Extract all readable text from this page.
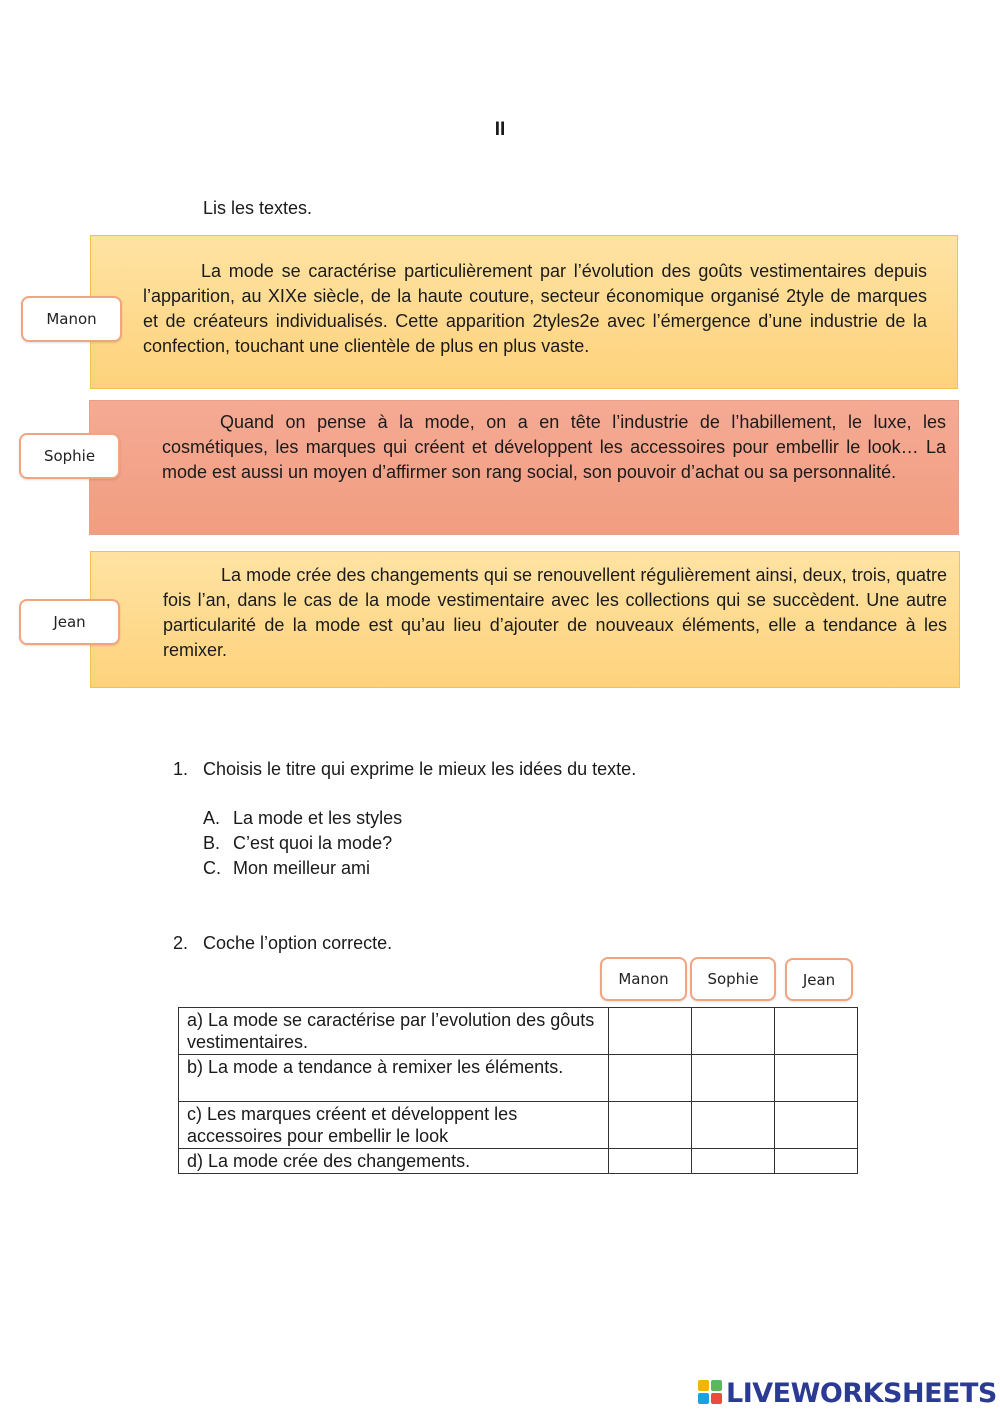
II
Lis les textes.

La mode se caractérise particulièrement par l’évolution des goûts vestimentaires depuis l’apparition, au XIXe siècle, de la haute couture, secteur économique organisé 2tyle de marques et de créateurs individualisés. Cette apparition 2tyles2e avec l’émergence d’une industrie de la confection, touchant une clientèle de plus en plus vaste.

Manon

Quand on pense à la mode, on a en tête l’industrie de l’habillement, le luxe, les cosmétiques, les marques qui créent et développent les accessoires pour embellir le look… La mode est aussi un moyen d’affirmer son rang social, son pouvoir d’achat ou sa personnalité.

Sophie

La mode crée des changements qui se renouvellent régulièrement ainsi, deux, trois, quatre fois l’an, dans le cas de la mode vestimentaire avec les collections qui se succèdent. Une autre particularité de la mode est qu’au lieu d’ajouter de nouveaux éléments, elle a tendance à les remixer.

Jean
1. Choisis le titre qui exprime le mieux les idées du texte.
A. La mode et les styles
B. C’est quoi la mode?
C. Mon meilleur ami
2. Coche l’option correcte.
Manon	Sophie	Jean
a) La mode se caractérise par l’evolution des gôuts vestimentaires.			
b) La mode a tendance à remixer les éléments.			
c) Les marques créent et développent les accessoires pour embellir le look			
d) La mode crée des changements.			
LIVEWORKSHEETS
